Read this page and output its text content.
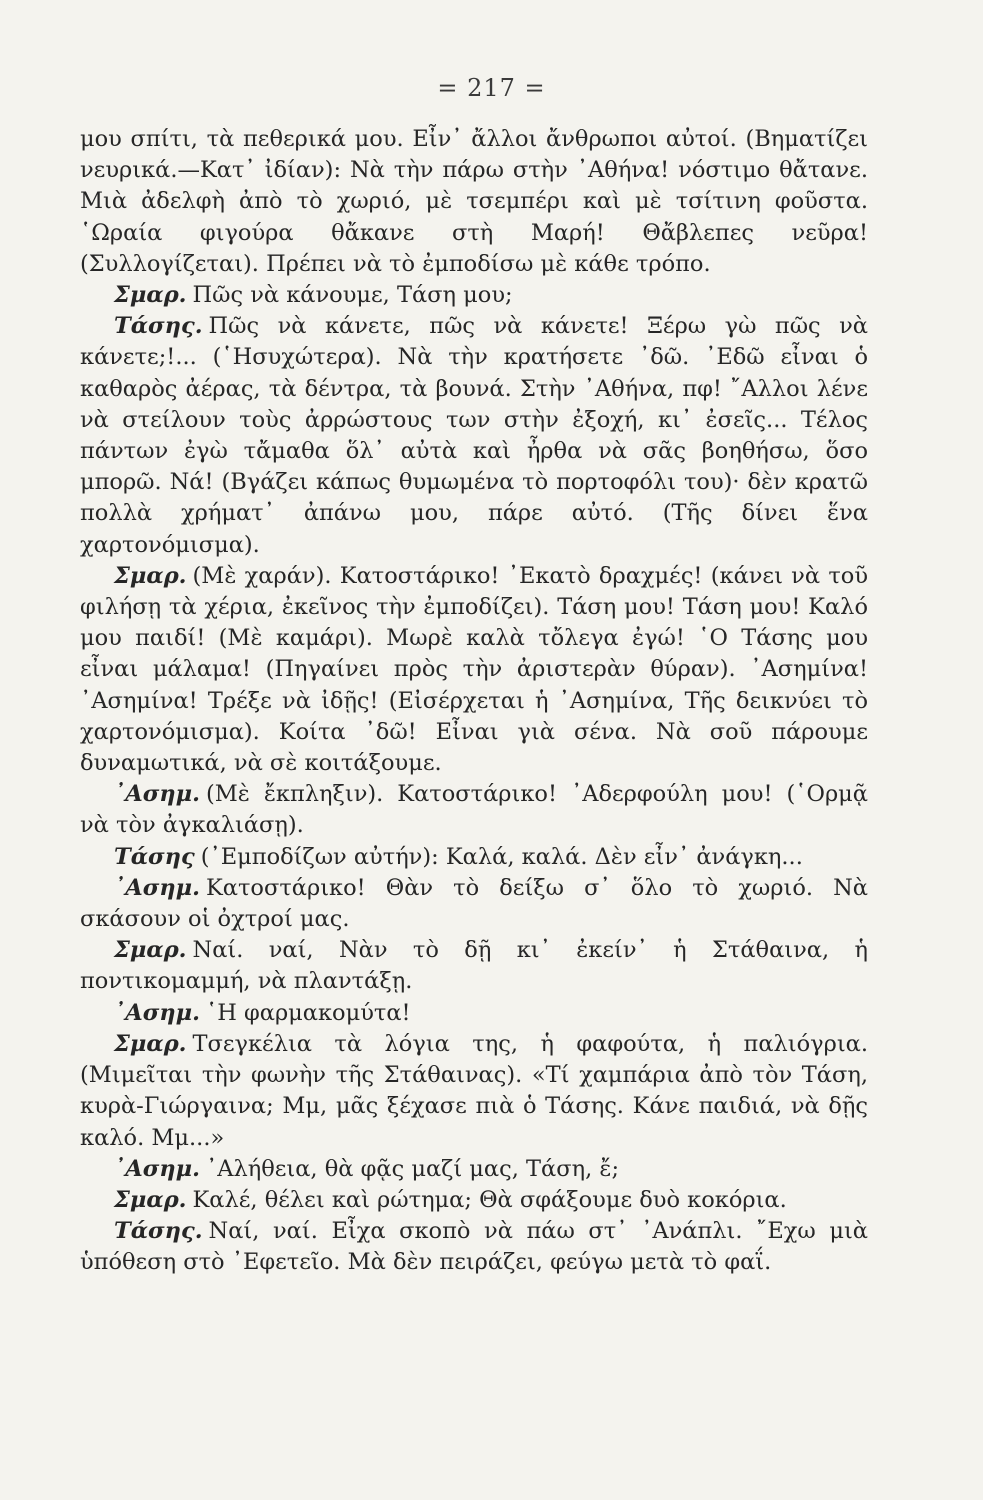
= 217 =

μου σπίτι, τὰ πεθερικά μου. Εἶν᾽ ἄλλοι ἄνθρωποι αὐτοί. (Βηματίζει νευρικά.—Κατ᾽ ἰδίαν): Νὰ τὴν πάρω στὴν ᾽Αθήνα! νόστιμο θἄτανε. Μιὰ ἀδελφὴ ἀπὸ τὸ χωριό, μὲ τσεμπέρι καὶ μὲ τσίτινη φοῦστα. ῾Ωραία φιγούρα θἄκανε στὴ Μαρή! Θἄβλεπες νεῦρα! (Συλλογίζεται). Πρέπει νὰ τὸ ἐμποδίσω μὲ κάθε τρόπο.

Σμαρ. Πῶς νὰ κάνουμε, Τάση μου;

Τάσης. Πῶς νὰ κάνετε, πῶς νὰ κάνετε! Ξέρω γὼ πῶς νὰ κάνετε;!... (῾Ησυχώτερα). Νὰ τὴν κρατήσετε ᾽δῶ. ᾽Εδῶ εἶναι ὁ καθαρὸς ἀέρας, τὰ δέντρα, τὰ βουνά. Στὴν ᾽Αθήνα, πφ! ῎Αλλοι λένε νὰ στείλουν τοὺς ἀρρώστους των στὴν ἐξοχή, κι᾽ ἐσεῖς... Τέλος πάντων ἐγὼ τἄμαθα ὅλ᾽ αὐτὰ καὶ ἦρθα νὰ σᾶς βοηθήσω, ὅσο μπορῶ. Νά! (Βγάζει κάπως θυμωμένα τὸ πορτοφόλι του)· δὲν κρατῶ πολλὰ χρήματ᾽ ἀπάνω μου, πάρε αὐτό. (Τῆς δίνει ἕνα χαρτονόμισμα).

Σμαρ. (Μὲ χαράν). Κατοστάρικο! ᾽Εκατὸ δραχμές! (κάνει νὰ τοῦ φιλήσῃ τὰ χέρια, ἐκεῖνος τὴν ἐμποδίζει). Τάση μου! Τάση μου! Καλό μου παιδί! (Μὲ καμάρι). Μωρὲ καλὰ τὄλεγα ἐγώ! ῾Ο Τάσης μου εἶναι μάλαμα! (Πηγαίνει πρὸς τὴν ἀριστερὰν θύραν). ᾽Ασημίνα! ᾽Ασημίνα! Τρέξε νὰ ἰδῇς! (Εἰσέρχεται ἡ ᾽Ασημίνα, Τῆς δεικνύει τὸ χαρτονόμισμα). Κοίτα ᾽δῶ! Εἶναι γιὰ σένα. Νὰ σοῦ πάρουμε δυναμωτικά, νὰ σὲ κοιτάξουμε.

᾽Ασημ. (Μὲ ἔκπληξιν). Κατοστάρικο! ᾽Αδερφούλη μου! (῾Ορμᾷ νὰ τὸν ἀγκαλιάσῃ).

Τάσης (᾽Εμποδίζων αὐτήν): Καλά, καλά. Δὲν εἶν᾽ ἀνάγκη...

᾽Ασημ. Κατοστάρικο! Θὰν τὸ δείξω σ᾽ ὅλο τὸ χωριό. Νὰ σκάσουν οἱ ὀχτροί μας.

Σμαρ. Ναί. ναί, Νὰν τὸ δῇ κι᾽ ἐκείν᾽ ἡ Στάθαινα, ἡ ποντικομαμμή, νὰ πλαντάξῃ.

᾽Ασημ. ῾Η φαρμακομύτα!

Σμαρ. Τσεγκέλια τὰ λόγια της, ἡ φαφούτα, ἡ παλιόγρια. (Μιμεῖται τὴν φωνὴν τῆς Στάθαινας). «Τί χαμπάρια ἀπὸ τὸν Τάση, κυρὰ-Γιώργαινα; Μμ, μᾶς ξέχασε πιὰ ὁ Τάσης. Κάνε παιδιά, νὰ δῇς καλό. Μμ...»

᾽Ασημ. ᾽Αλήθεια, θὰ φᾷς μαζί μας, Τάση, ἔ;

Σμαρ. Καλέ, θέλει καὶ ρώτημα; Θὰ σφάξουμε δυὸ κοκόρια.

Τάσης. Ναί, ναί. Εἶχα σκοπὸ νὰ πάω στ᾽ ᾽Ανάπλι. ῎Εχω μιὰ ὑπόθεση στὸ ᾽Εφετεῖο. Μὰ δὲν πειράζει, φεύγω μετὰ τὸ φαΐ.
